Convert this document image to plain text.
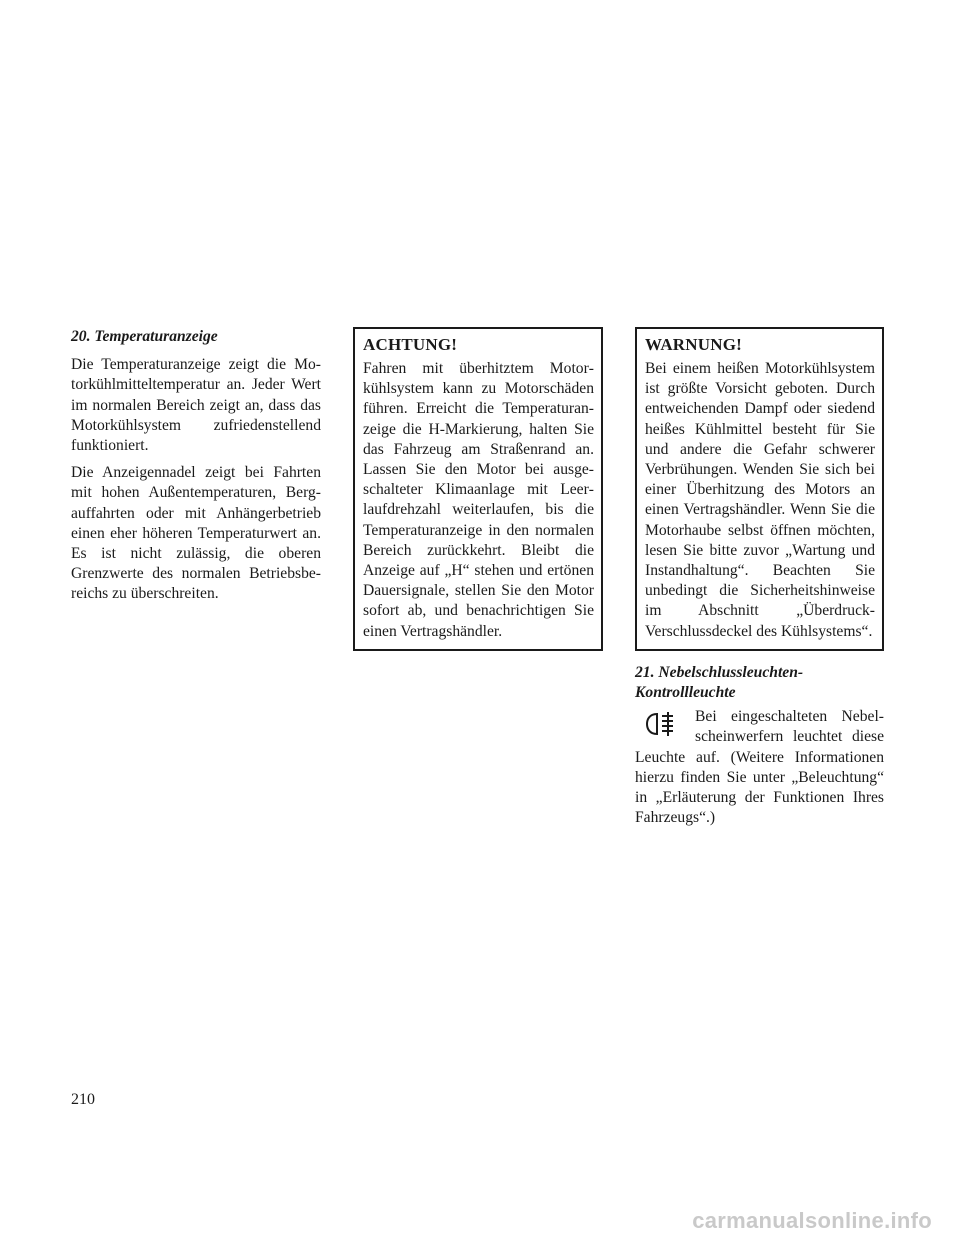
20. Temperaturanzeige

Die Temperaturanzeige zeigt die Motorkühlmitteltemperatur an. Jeder Wert im normalen Bereich zeigt an, dass das Motorkühlsystem zufriedenstellend funktioniert.

Die Anzeigennadel zeigt bei Fahrten mit hohen Außentemperaturen, Bergauffahrten oder mit Anhängerbetrieb einen eher höheren Temperaturwert an. Es ist nicht zulässig, die oberen Grenzwerte des normalen Betriebsbereichs zu überschreiten.

ACHTUNG!

Fahren mit überhitztem Motorkühlsystem kann zu Motorschäden führen. Erreicht die Temperaturanzeige die H-Markierung, halten Sie das Fahrzeug am Straßenrand an. Lassen Sie den Motor bei ausgeschalteter Klimaanlage mit Leerlaufdrehzahl weiterlaufen, bis die Temperaturanzeige in den normalen Bereich zurückkehrt. Bleibt die Anzeige auf „H“ stehen und ertönen Dauersignale, stellen Sie den Motor sofort ab, und benachrichtigen Sie einen Vertragshändler.

WARNUNG!

Bei einem heißen Motorkühlsystem ist größte Vorsicht geboten. Durch entweichenden Dampf oder siedend heißes Kühlmittel besteht für Sie und andere die Gefahr schwerer Verbrühungen. Wenden Sie sich bei einer Überhitzung des Motors an einen Vertragshändler. Wenn Sie die Motorhaube selbst öffnen möchten, lesen Sie bitte zuvor „Wartung und Instandhaltung“. Beachten Sie unbedingt die Sicherheitshinweise im Abschnitt „Überdruck-Verschlussdeckel des Kühlsystems“.

21. Nebelschlussleuchten-
Kontrollleuchte

Bei eingeschalteten Nebelscheinwerfern leuchtet diese Leuchte auf. (Weitere Informationen hierzu finden Sie unter „Beleuchtung“ in „Erläuterung der Funktionen Ihres Fahrzeugs“.)

210
carmanualsonline.info
